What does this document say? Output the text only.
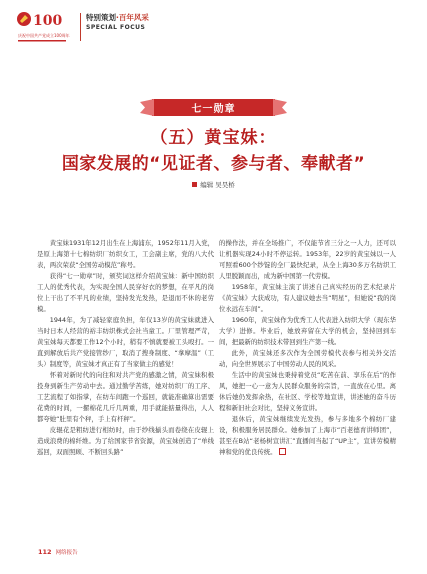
100
庆祝中国共产党成立100周年
特别策划·百年风采
SPECIAL FOCUS
七一勋章
（五）黄宝妹：
国家发展的“见证者、参与者、奉献者”
编辑 吴昊桥

黄宝妹1931年12月出生在上海浦东，1952年11月入党，是原上海第十七棉纺织厂纺织女工，工会副主席，党的八大代表，两次荣获“全国劳动模范”称号。

获得“七一勋章”时，颁奖词这样介绍黄宝妹：新中国纺织工人的优秀代表，为实现全国人民穿好衣的梦想，在平凡的岗位上干出了不平凡的业绩，坚持发光发热，是退而不休的老劳模。

1944年，为了减轻家庭负担，年仅13岁的黄宝妹就进入当时日本人经营的裕丰纺织株式会社当童工。厂里管理严苛，黄宝妹每天都要工作12个小时，稍有不慎就要被工头殴打。一直到解放后共产党接管纱厂，取消了搜身制度、“拿摩温”（工头）制度等，黄宝妹才真正有了当家做主的感觉！

怀着对新时代的向往和对共产党的感激之情，黄宝妹积极投身到新生产劳动中去。通过勤学苦练，她对纺织厂的工序、工艺流程了如指掌，在纺车间跑一个巡回，就能准确算出需要花费的时间，一摞棉花几斤几两重，用手就能掂量得出，人人都夸她“肚里有个秤，手上有杆秤”。

皮辊花是粗纺进行相纺时，由于纱线揃头而卷绕在皮辊上造成浪费的棉纤维。为了给国家节省资源，黄宝妹创造了“单线巡回，双面照顾、不断回头路”

的操作法，并在全场推广，不仅能节省三分之一人力，还可以让机器实现24小时不停运转。1953年，22岁的黄宝妹以一人可照看600个纱锭的全厂最快纪录，从全上海30多万名纺织工人里脱颖而出，成为新中国第一代劳模。

1958年，黄宝妹主演了讲述自己真实经历的艺术纪录片《黄宝妹》大获成功，有人建议她去当“明星”，但她说“我的岗位永远在车间”。

1960年，黄宝妹作为优秀工人代表进入纺织大学（现东华大学）进修。毕业后，她放弃留在大学的机会，坚持回到车间，把最新的纺织技术带回到生产第一线。

此外，黄宝妹还多次作为全国劳模代表参与相关外交活动，向全世界展示了中国劳动人民的风采。

生活中的黄宝妹也秉持着党员“吃苦在前、享乐在后”的作风，她把一心一意为人民群众服务的宗旨，一直放在心里。离休后她仍发挥余热，在社区、学校等地宣讲，讲述她的奋斗历程和新旧社会对比，坚持义务宣讲。

退休后，黄宝妹继续发光发热，参与多地多个棉纺厂建设，积极服务居民群众。她参加了上海市“百老德育讲师团”，甚至在B站“老杨树宣讲汇”直播间当起了“UP主”，宣讲劳模精神和党的优良传统。

112 网络报告
